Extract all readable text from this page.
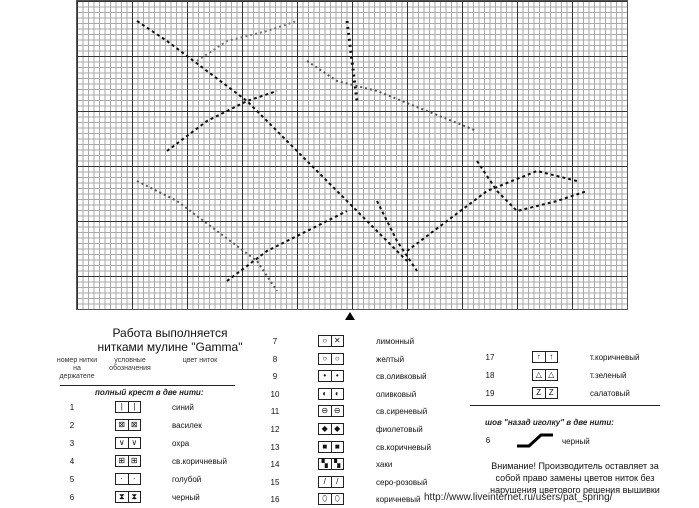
Работа выполняется
нитками мулине "Gamma"
номер нитки на держателе
условные обозначения
цвет ниток
полный крест в две нити:
1	|	|	синий
2	⊠ ⊠	василек
3	∨ ∨	охра
4	⊞ ⊞	св.коричневый
5	·	·	голубой
6	⧗ ⧗	черный
7	○ ✕	лимонный
8	○ ○	желтый
9	•	•	св.оливковый
10	◐ ◐	оливковый
11	⊖ ⊖	св.сиреневый
12	◆ ◆	фиолетовый
13	■ ■	св.коричневый
14	▚ ▚	хаки
15	/	/	серо-розовый
16	⬯ ⬯	коричневый
17	↑	↑	т.коричневый
18	△ △	т.зеленый
19	Z Z	салатовый
шов "назад иголку" в две нити:
6	черный
Внимание! Производитель оставляет за
собой право замены цветов ниток без
нарушения цветового решения вышивки
http://www.liveinternet.ru/users/pat_spring/
